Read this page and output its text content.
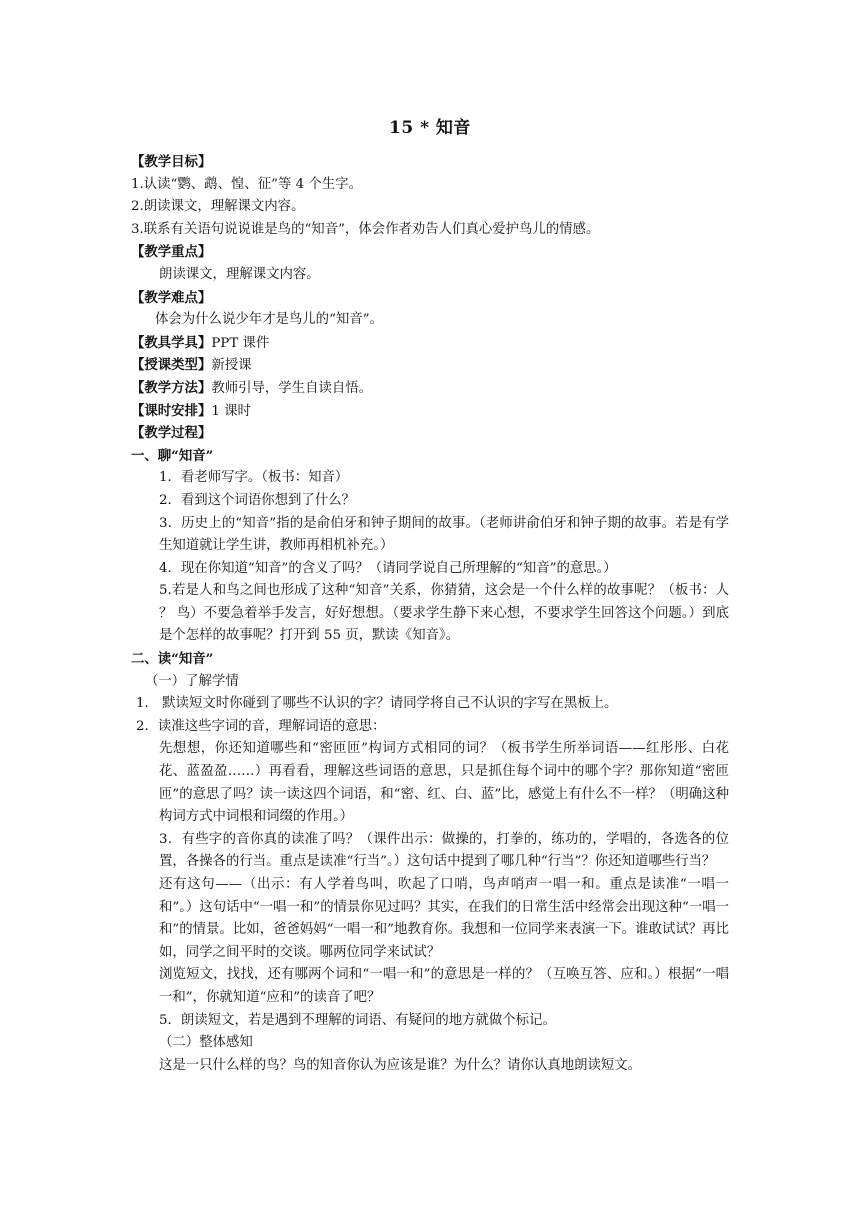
15 * 知音
【教学目标】
1.认读“鹦、鹉、惶、征”等 4 个生字。
2.朗读课文，理解课文内容。
3.联系有关语句说说谁是鸟的“知音”，体会作者劝告人们真心爱护鸟儿的情感。
【教学重点】
朗读课文，理解课文内容。
【教学难点】
体会为什么说少年才是鸟儿的“知音”。
【教具学具】PPT 课件
【授课类型】新授课
【教学方法】教师引导，学生自读自悟。
【课时安排】1 课时
【教学过程】
一、聊“知音”
1．看老师写字。（板书：知音）
2．看到这个词语你想到了什么？
3．历史上的“知音”指的是俞伯牙和钟子期间的故事。（老师讲俞伯牙和钟子期的故事。若是有学生知道就让学生讲，教师再相机补充。）
4．现在你知道“知音”的含义了吗？（请同学说自己所理解的“知音”的意思。）
5.若是人和鸟之间也形成了这种“知音”关系，你猜猜，这会是一个什么样的故事呢？（板书：人 ？ 鸟）不要急着举手发言，好好想想。（要求学生静下来心想，不要求学生回答这个问题。）到底是个怎样的故事呢？打开到 55 页，默读《知音》。
二、读“知音”
（一）了解学情
1． 默读短文时你碰到了哪些不认识的字？请同学将自己不认识的字写在黑板上。
2．读准这些字词的音，理解词语的意思：
先想想，你还知道哪些和“密匝匝”构词方式相同的词？（板书学生所举词语——红彤彤、白花花、蓝盈盈……）再看看，理解这些词语的意思，只是抓住每个词中的哪个字？那你知道“密匝匝”的意思了吗？读一读这四个词语，和“密、红、白、蓝”比，感觉上有什么不一样？（明确这种构词方式中词根和词缀的作用。）
3．有些字的音你真的读准了吗？（课件出示：做操的，打拳的，练功的，学唱的，各选各的位置，各操各的行当。重点是读准“行当”。）这句话中提到了哪几种“行当”？你还知道哪些行当？
还有这句——（出示：有人学着鸟叫，吹起了口哨，鸟声哨声一唱一和。重点是读准“一唱一和”。）这句话中“一唱一和”的情景你见过吗？其实，在我们的日常生活中经常会出现这种“一唱一和”的情景。比如，爸爸妈妈“一唱一和”地教育你。我想和一位同学来表演一下。谁敢试试？再比如，同学之间平时的交谈。哪两位同学来试试？
浏览短文，找找，还有哪两个词和“一唱一和”的意思是一样的？（互唤互答、应和。）根据“一唱一和”，你就知道“应和”的读音了吧？
5．朗读短文，若是遇到不理解的词语、有疑问的地方就做个标记。
（二）整体感知
这是一只什么样的鸟？鸟的知音你认为应该是谁？为什么？请你认真地朗读短文。
